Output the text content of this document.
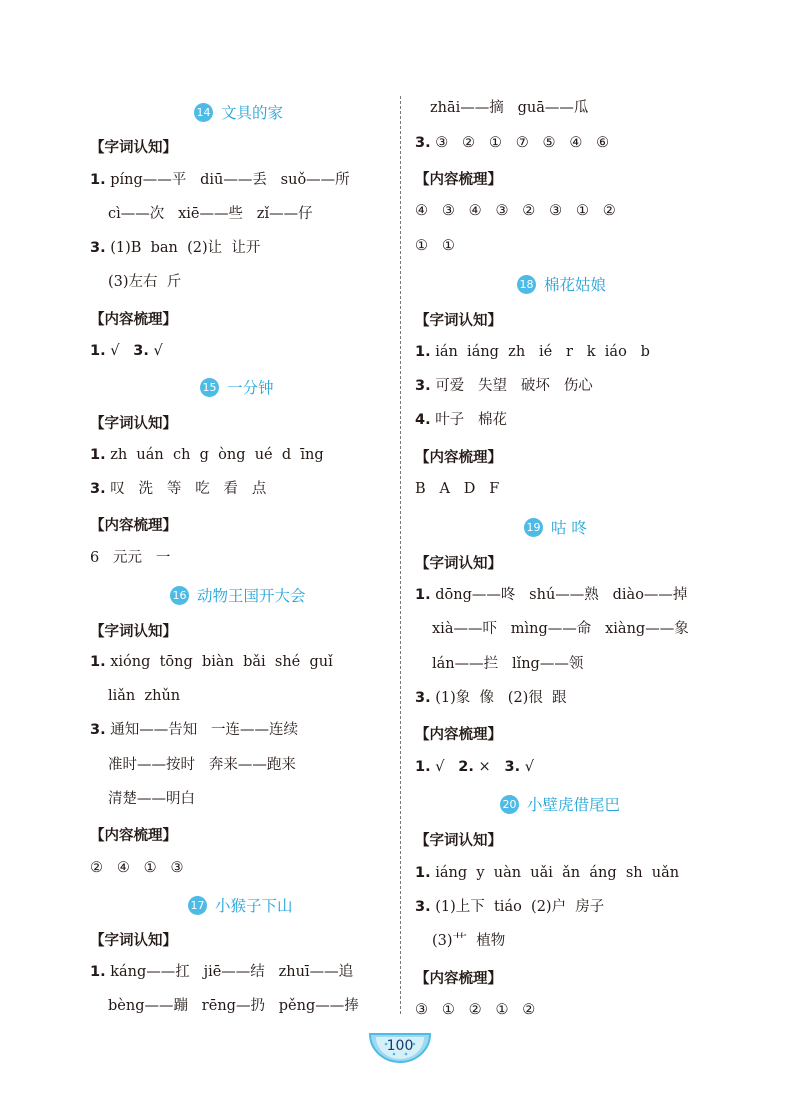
14 文具的家
【字词认知】
1. píng——平   diū——丢   suǒ——所
cì——次   xiē——些   zǐ——仔
3. (1)B  ban  (2)让  让开
(3)左右  斤
【内容梳理】
1. √   3. √
15 一分钟
【字词认知】
1. zh  uán  ch  g  òng  ué  d  īng
3. 叹   洗   等   吃   看   点
【内容梳理】
6   元元   一
16 动物王国开大会
【字词认知】
1. xióng  tōng  biàn  bǎi  shé  guǐ
liǎn  zhǔn
3. 通知——告知   一连——连续
准时——按时   奔来——跑来
清楚——明白
【内容梳理】
②   ④   ①   ③
17 小猴子下山
【字词认知】
1. káng——扛   jiē——结   zhuī——追
bèng——蹦   rēng—扔   pěng——捧
zhāi——摘   guā——瓜
3. ③   ②   ①   ⑦   ⑤   ④   ⑥
【内容梳理】
④   ③   ④   ③   ②   ③   ①   ②
①   ①
18 棉花姑娘
【字词认知】
1. ián  iáng  zh   ié   r   k  iáo   b
3. 可爱   失望   破坏   伤心
4. 叶子   棉花
【内容梳理】
B   A   D   F
19 咕 咚
【字词认知】
1. dōng——咚   shú——熟   diào——掉
xià——吓   mìng——命   xiàng——象
lán——拦   lǐng——领
3. (1)象  像   (2)很  跟
【内容梳理】
1. √   2. ×   3. √
20 小壁虎借尾巴
【字词认知】
1. iáng  y  uàn  uǎi  ǎn  áng  sh  uǎn
3. (1)上下  tiáo  (2)户  房子
(3)艹  植物
【内容梳理】
③   ①   ②   ①   ②
100
